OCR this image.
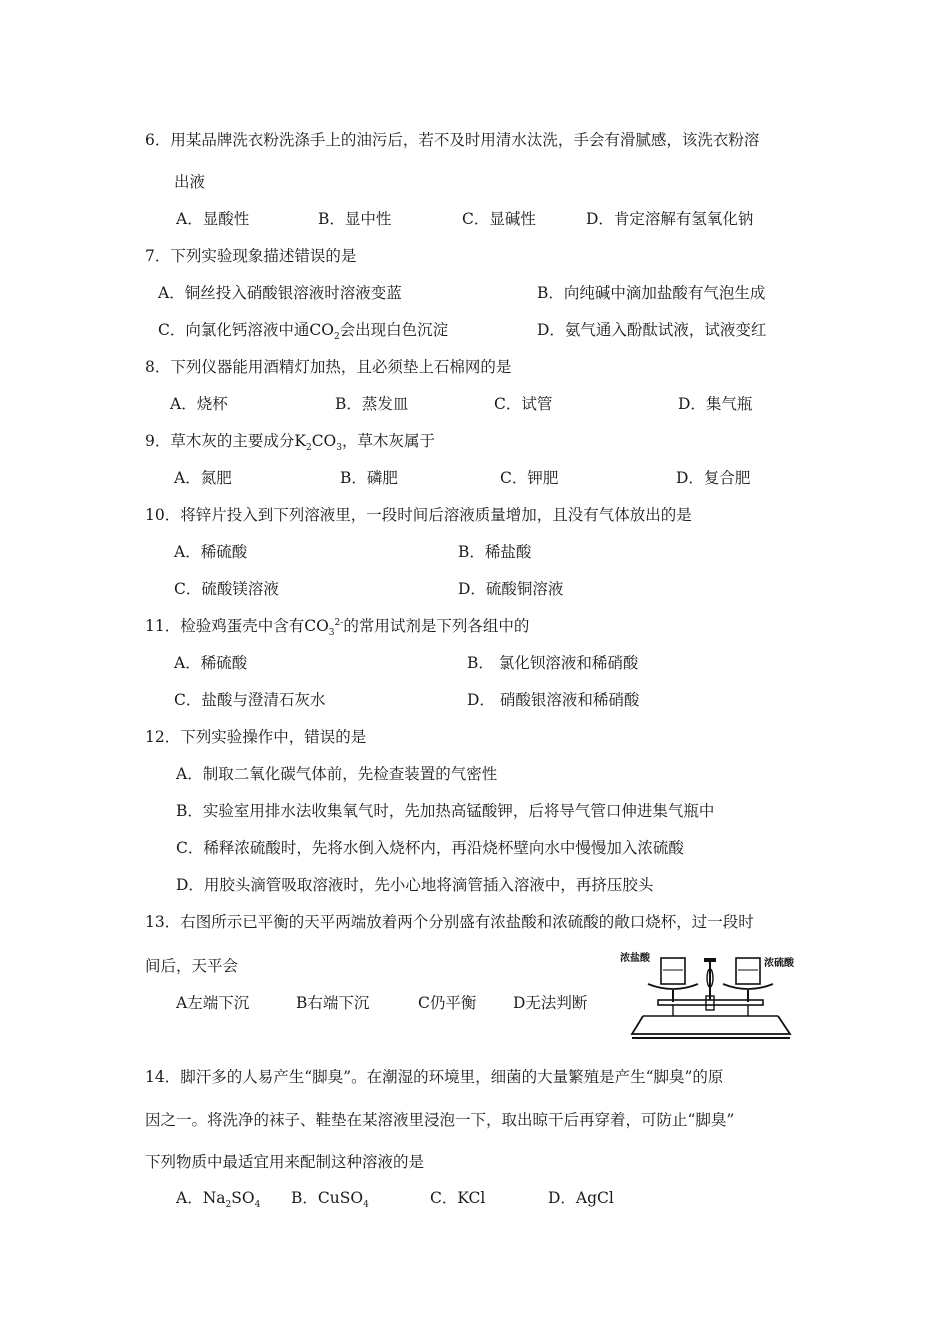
6．用某品牌洗衣粉洗涤手上的油污后，若不及时用清水汰洗，手会有滑腻感，该洗衣粉溶
出液
A．显酸性	B．显中性	C．显碱性	D．肯定溶解有氢氧化钠
7．下列实验现象描述错误的是
A．铜丝投入硝酸银溶液时溶液变蓝	B．向纯碱中滴加盐酸有气泡生成
C．向氯化钙溶液中通$CO_2$会出现白色沉淀	D．氨气通入酚酞试液，试液变红
8．下列仪器能用酒精灯加热，且必须垫上石棉网的是
A．烧杯	B．蒸发皿	C．试管	D．集气瓶
9．草木灰的主要成分$K_2CO_3$，草木灰属于
A．氮肥	B．磷肥	C．钾肥	D．复合肥
10．将锌片投入到下列溶液里，一段时间后溶液质量增加，且没有气体放出的是
A．稀硫酸	B．稀盐酸
C．硫酸镁溶液	D．硫酸铜溶液
11．检验鸡蛋壳中含有$CO_3^{2-}$的常用试剂是下列各组中的
A．稀硫酸	B． 氯化钡溶液和稀硝酸
C．盐酸与澄清石灰水	D． 硝酸银溶液和稀硝酸
12．下列实验操作中，错误的是
A．制取二氧化碳气体前，先检查装置的气密性
B．实验室用排水法收集氧气时，先加热高锰酸钾，后将导气管口伸进集气瓶中
C．稀释浓硫酸时，先将水倒入烧杯内，再沿烧杯壁向水中慢慢加入浓硫酸
D．用胶头滴管吸取溶液时，先小心地将滴管插入溶液中，再挤压胶头
13．右图所示已平衡的天平两端放着两个分别盛有浓盐酸和浓硫酸的敞口烧杯，过一段时
间后，天平会
A左端下沉	B右端下沉	C仍平衡 D无法判断
浓盐酸	浓硫酸
14．脚汗多的人易产生“脚臭”。在潮湿的环境里，细菌的大量繁殖是产生“脚臭”的原
因之一。将洗净的袜子、鞋垫在某溶液里浸泡一下，取出晾干后再穿着，可防止“脚臭”
下列物质中最适宜用来配制这种溶液的是
A．$Na_2SO_4$ B．CuSO$_4$	C．KCl	D．AgCl
